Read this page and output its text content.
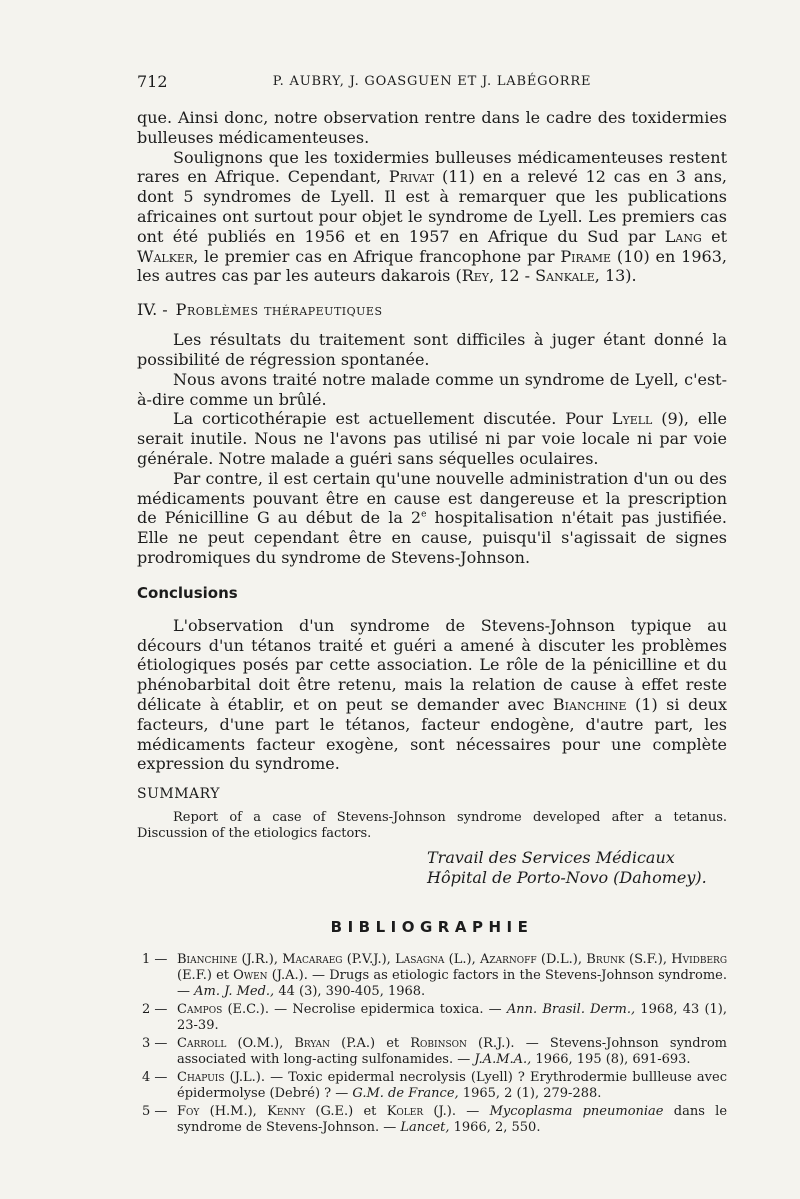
712	P. AUBRY, J. GOASGUEN ET J. LABÉGORRE

que. Ainsi donc, notre observation rentre dans le cadre des toxidermies bulleuses médicamenteuses.

Soulignons que les toxidermies bulleuses médicamenteuses restent rares en Afrique. Cependant, Privat (11) en a relevé 12 cas en 3 ans, dont 5 syndromes de Lyell. Il est à remarquer que les publications africaines ont surtout pour objet le syndrome de Lyell. Les premiers cas ont été publiés en 1956 et en 1957 en Afrique du Sud par Lang et Walker, le premier cas en Afrique francophone par Pirame (10) en 1963, les autres cas par les auteurs dakarois (Rey, 12 - Sankale, 13).

IV. - Problèmes thérapeutiques

Les résultats du traitement sont difficiles à juger étant donné la possibilité de régression spontanée.

Nous avons traité notre malade comme un syndrome de Lyell, c'est-à-dire comme un brûlé.

La corticothérapie est actuellement discutée. Pour Lyell (9), elle serait inutile. Nous ne l'avons pas utilisé ni par voie locale ni par voie générale. Notre malade a guéri sans séquelles oculaires.

Par contre, il est certain qu'une nouvelle administration d'un ou des médicaments pouvant être en cause est dangereuse et la prescription de Pénicilline G au début de la 2e hospitalisation n'était pas justifiée. Elle ne peut cependant être en cause, puisqu'il s'agissait de signes prodromiques du syndrome de Stevens-Johnson.

Conclusions

L'observation d'un syndrome de Stevens-Johnson typique au décours d'un tétanos traité et guéri a amené à discuter les problèmes étiologiques posés par cette association. Le rôle de la pénicilline et du phénobarbital doit être retenu, mais la relation de cause à effet reste délicate à établir, et on peut se demander avec Bianchine (1) si deux facteurs, d'une part le tétanos, facteur endogène, d'autre part, les médicaments facteur exogène, sont nécessaires pour une complète expression du syndrome.

SUMMARY

Report of a case of Stevens-Johnson syndrome developed after a tetanus. Discussion of the etiologics factors.

Travail des Services Médicaux
Hôpital de Porto-Novo (Dahomey).
BIBLIOGRAPHIE
1 — Bianchine (J.R.), Macaraeg (P.V.J.), Lasagna (L.), Azarnoff (D.L.), Brunk (S.F.), Hvidberg (E.F.) et Owen (J.A.). — Drugs as etiologic factors in the Stevens-Johnson syndrome. — Am. J. Med., 44 (3), 390-405, 1968.
2 — Campos (E.C.). — Necrolise epidermica toxica. — Ann. Brasil. Derm., 1968, 43 (1), 23-39.
3 — Carroll (O.M.), Bryan (P.A.) et Robinson (R.J.). — Stevens-Johnson syndrom associated with long-acting sulfonamides. — J.A.M.A., 1966, 195 (8), 691-693.
4 — Chapuis (J.L.). — Toxic epidermal necrolysis (Lyell) ? Erythrodermie bullleuse avec épidermolyse (Debré) ? — G.M. de France, 1965, 2 (1), 279-288.
5 — Foy (H.M.), Kenny (G.E.) et Koler (J.). — Mycoplasma pneumoniae dans le syndrome de Stevens-Johnson. — Lancet, 1966, 2, 550.
